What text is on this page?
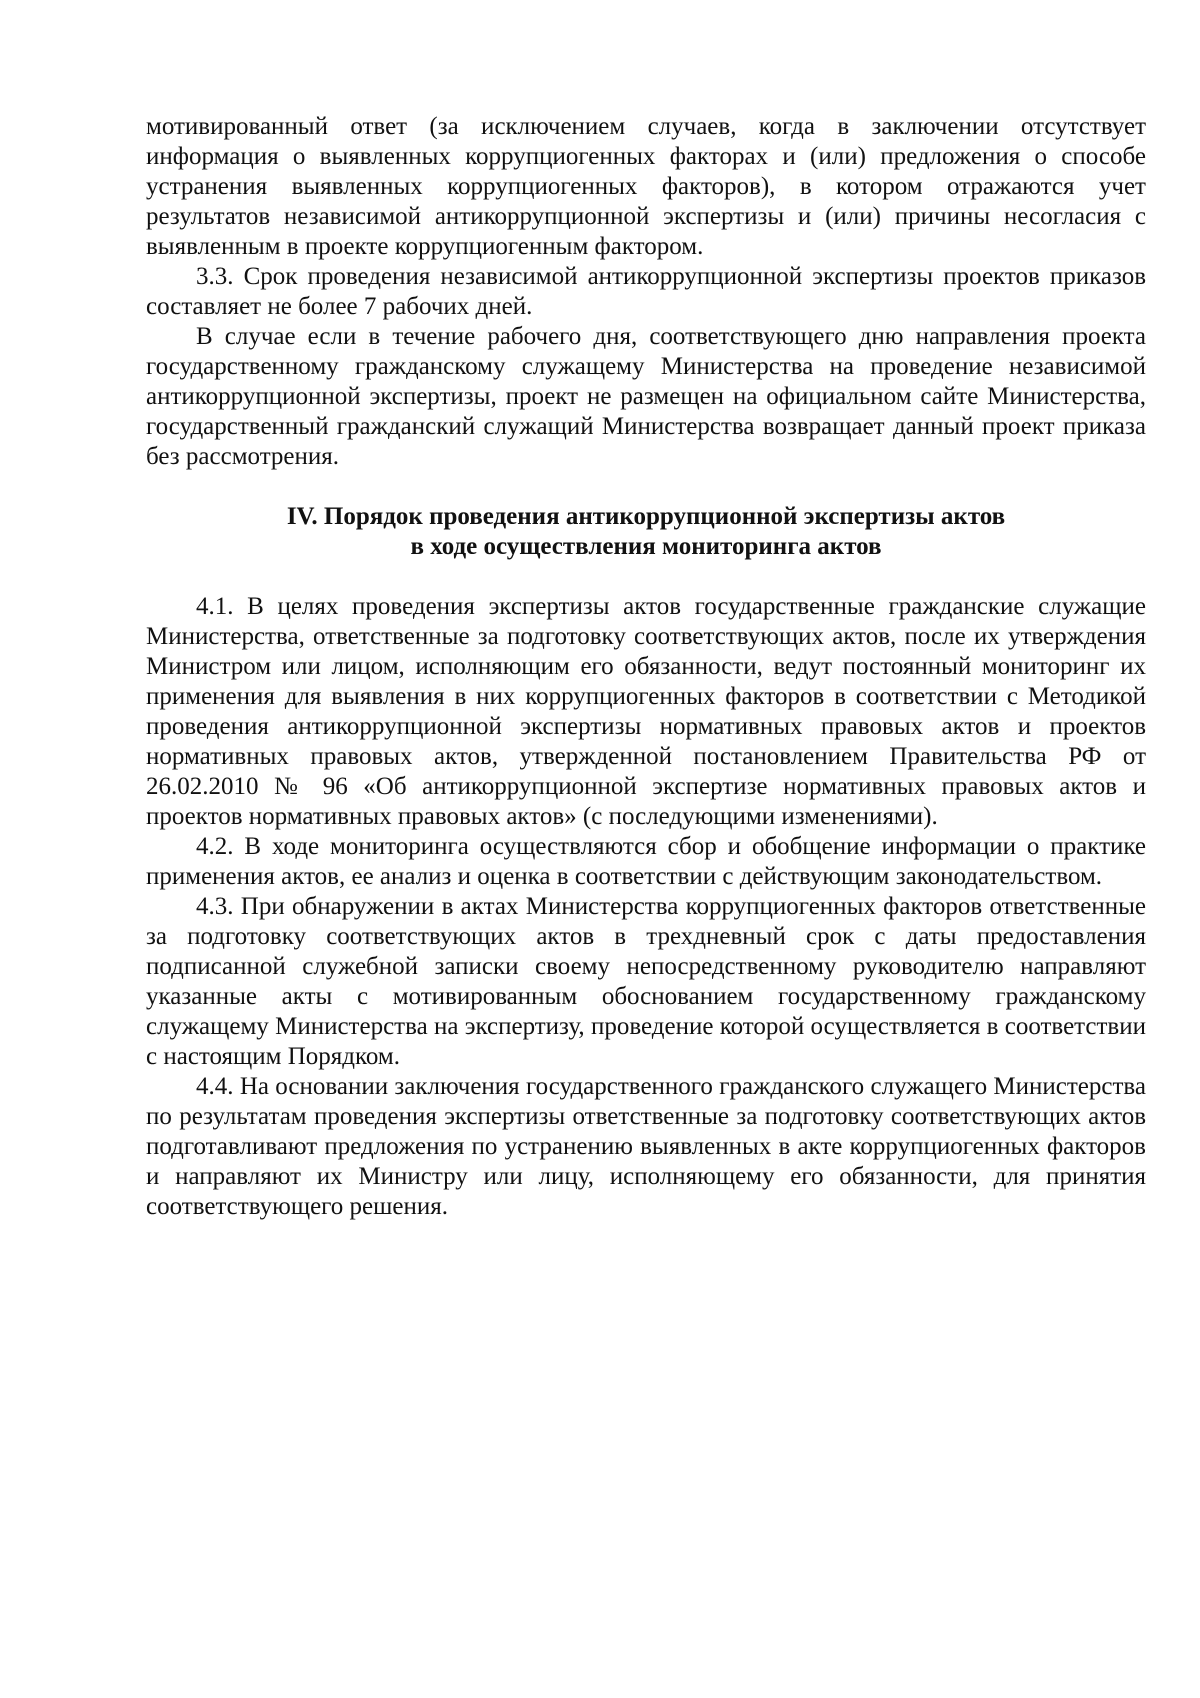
мотивированный ответ (за исключением случаев, когда в заключении отсутствует информация о выявленных коррупциогенных факторах и (или) предложения о способе устранения выявленных коррупциогенных факторов), в котором отражаются учет результатов независимой антикоррупционной экспертизы и (или) причины несогласия с выявленным в проекте коррупциогенным фактором.

3.3. Срок проведения независимой антикоррупционной экспертизы проектов приказов составляет не более 7 рабочих дней.

В случае если в течение рабочего дня, соответствующего дню направления проекта государственному гражданскому служащему Министерства на проведение независимой антикоррупционной экспертизы, проект не размещен на официальном сайте Министерства, государственный гражданский служащий Министерства возвращает данный проект приказа без рассмотрения.

IV. Порядок проведения антикоррупционной экспертизы актов
в ходе осуществления мониторинга актов

4.1. В целях проведения экспертизы актов государственные гражданские служащие Министерства, ответственные за подготовку соответствующих актов, после их утверждения Министром или лицом, исполняющим его обязанности, ведут постоянный мониторинг их применения для выявления в них коррупциогенных факторов в соответствии с Методикой проведения антикоррупционной экспертизы нормативных правовых актов и проектов нормативных правовых актов, утвержденной постановлением Правительства РФ от 26.02.2010 № 96 «Об антикоррупционной экспертизе нормативных правовых актов и проектов нормативных правовых актов» (с последующими изменениями).

4.2. В ходе мониторинга осуществляются сбор и обобщение информации о практике применения актов, ее анализ и оценка в соответствии с действующим законодательством.

4.3. При обнаружении в актах Министерства коррупциогенных факторов ответственные за подготовку соответствующих актов в трехдневный срок с даты предоставления подписанной служебной записки своему непосредственному руководителю направляют указанные акты с мотивированным обоснованием государственному гражданскому служащему Министерства на экспертизу, проведение которой осуществляется в соответствии с настоящим Порядком.

4.4. На основании заключения государственного гражданского служащего Министерства по результатам проведения экспертизы ответственные за подготовку соответствующих актов подготавливают предложения по устранению выявленных в акте коррупциогенных факторов и направляют их Министру или лицу, исполняющему его обязанности, для принятия соответствующего решения.
